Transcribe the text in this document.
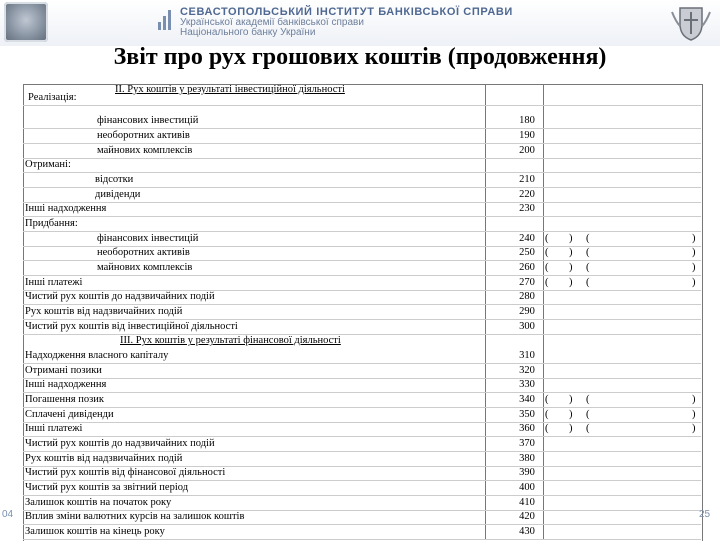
СЕВАСТОПОЛЬСЬКИЙ ІНСТИТУТ БАНКІВСЬКОЇ СПРАВИ
Української академії банківської справи
Національного банку України
Звіт про рух грошових коштів (продовження)
ІІ. Рух коштів у результаті інвестиційної діяльності
ІІІ. Рух коштів у результаті фінансової діяльності
Реалізація:
фінансових інвестицій	180
необоротних активів	190
майнових комплексів	200
Отримані:
відсотки	210
дивіденди	220
Інші надходження	230
Придбання:
фінансових інвестицій	240 ( ) (	)
необоротних активів	250 ( ) (	)
майнових комплексів	260 ( ) (	)
Інші платежі	270 ( ) (	)
Чистий рух коштів до надзвичайних подій	280
Рух коштів від надзвичайних подій	290
Чистий рух коштів від інвестиційної діяльності	300
Надходження власного капіталу	310
Отримані позики	320
Інші надходження	330
Погашення позик	340 ( ) (	)
Сплачені дивіденди	350 ( ) (	)
Інші платежі	360 ( ) (	)
Чистий рух коштів до надзвичайних подій	370
Рух коштів від надзвичайних подій	380
Чистий рух коштів від фінансової діяльності	390
Чистий рух коштів за звітний період	400
Залишок коштів на початок року	410
Вплив зміни валютних курсів на залишок коштів	420
Залишок коштів на кінець року	430
04	25
